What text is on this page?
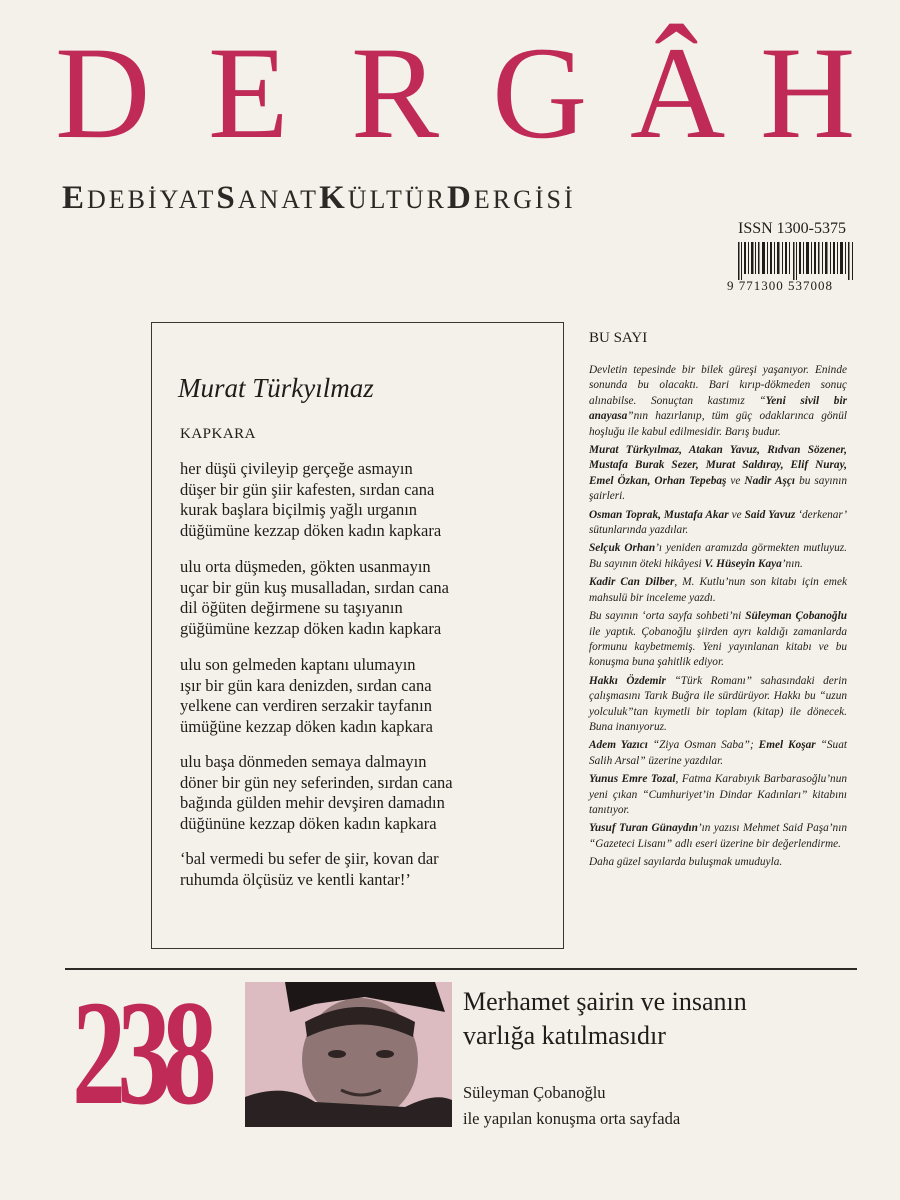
D E R G Â H
EDEBİYATSANATKÜLTÜRDERGİSİ
ISSN 1300-5375
9 771300 537008
Murat Türkyılmaz
KAPKARA
her düşü çivileyip gerçeğe asmayın
düşer bir gün şiir kafesten, sırdan cana
kurak başlara biçilmiş yağlı urganın
düğümüne kezzap döken kadın kapkara
ulu orta düşmeden, gökten usanmayın
uçar bir gün kuş musalladan, sırdan cana
dil öğüten değirmene su taşıyanın
güğümüne kezzap döken kadın kapkara
ulu son gelmeden kaptanı ulumayın
ışır bir gün kara denizden, sırdan cana
yelkene can verdiren serzakir tayfanın
ümüğüne kezzap döken kadın kapkara
ulu başa dönmeden semaya dalmayın
döner bir gün ney seferinden, sırdan cana
bağında gülden mehir devşiren damadın
düğününe kezzap döken kadın kapkara
‘bal vermedi bu sefer de şiir, kovan dar
ruhumda ölçüsüz ve kentli kantar!’
BU SAYI

Devletin tepesinde bir bilek güreşi yaşanıyor. Eninde sonunda bu olacaktı. Bari kırıp-dökmeden sonuç alınabilse. Sonuçtan kastımız “Yeni sivil bir anayasa”nın hazırlanıp, tüm güç odaklarınca gönül hoşluğu ile kabul edilmesidir. Barış budur.

Murat Türkyılmaz, Atakan Yavuz, Rıdvan Sözener, Mustafa Burak Sezer, Murat Saldıray, Elif Nuray, Emel Özkan, Orhan Tepebaş ve Nadir Aşçı bu sayının şairleri.

Osman Toprak, Mustafa Akar ve Said Yavuz ‘derkenar’ sütunlarında yazdılar.

Selçuk Orhan’ı yeniden aramızda görmekten mutluyuz. Bu sayının öteki hikâyesi V. Hüseyin Kaya’nın.

Kadir Can Dilber, M. Kutlu’nun son kitabı için emek mahsulü bir inceleme yazdı.

Bu sayının ‘orta sayfa sohbeti’ni Süleyman Çobanoğlu ile yaptık. Çobanoğlu şiirden ayrı kaldığı zamanlarda formunu kaybetmemiş. Yeni yayınlanan kitabı ve bu konuşma buna şahitlik ediyor.

Hakkı Özdemir “Türk Romanı” sahasındaki derin çalışmasını Tarık Buğra ile sürdürüyor. Hakkı bu “uzun yolculuk”tan kıymetli bir toplam (kitap) ile dönecek. Buna inanıyoruz.

Adem Yazıcı “Ziya Osman Saba”; Emel Koşar “Suat Salih Arsal” üzerine yazdılar.

Yunus Emre Tozal, Fatma Karabıyık Barbarasoğlu’nun yeni çıkan “Cumhuriyet’in Dindar Kadınları” kitabını tanıtıyor.

Yusuf Turan Günaydın’ın yazısı Mehmet Said Paşa’nın “Gazeteci Lisanı” adlı eseri üzerine bir değerlendirme.

Daha güzel sayılarda buluşmak umuduyla.

238	Merhamet şairin ve insanın
varlığa katılmasıdır
Süleyman Çobanoğlu
ile yapılan konuşma orta sayfada
